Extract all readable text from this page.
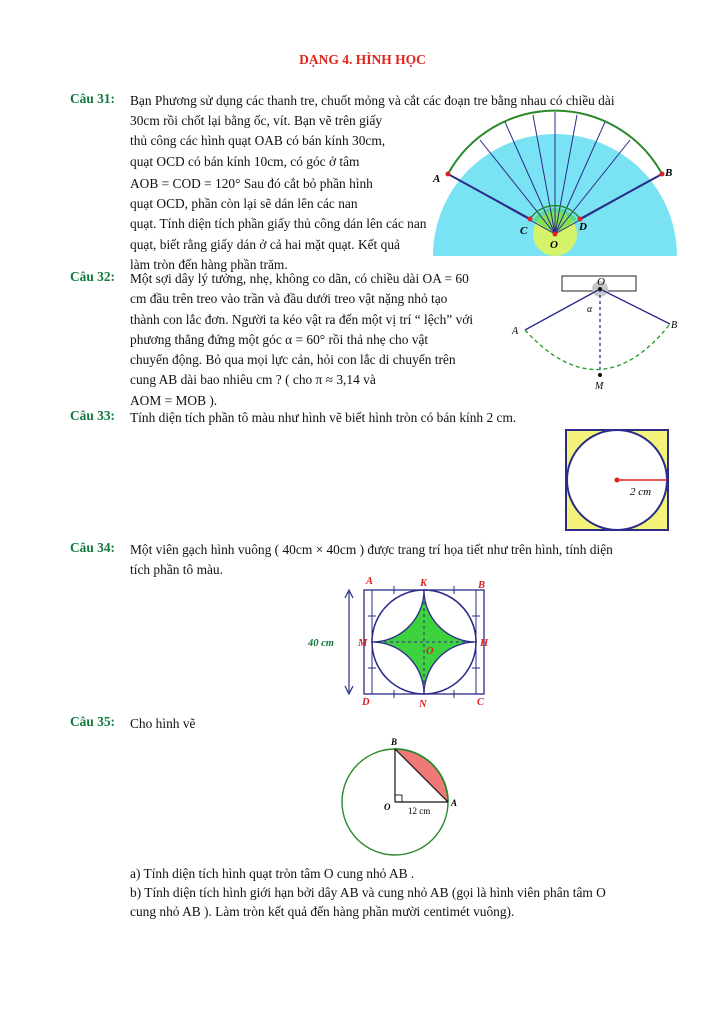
DẠNG 4. HÌNH HỌC
Câu 31: Bạn Phương sử dụng các thanh tre, chuốt mỏng và cắt các đoạn tre bằng nhau có chiều dài
30cm rồi chốt lại bằng ốc, vít. Bạn vẽ trên giấy
thủ công các hình quạt OAB có bán kính 30cm,
quạt OCD có bán kính 10cm, có góc ở tâm
AOB = COD = 120° Sau đó cắt bỏ phần hình
quạt OCD, phần còn lại sẽ dán lên các nan
quạt. Tính diện tích phần giấy thủ công dán lên các nan
quạt, biết rằng giấy dán ở cả hai mặt quạt. Kết quả
làm tròn đến hàng phần trăm.
A	B
C	D
O
Câu 32: Một sợi dây lý tưởng, nhẹ, không co dãn, có chiều dài OA = 60
cm đầu trên treo vào trần và đầu dưới treo vật nặng nhỏ tạo
thành con lắc đơn. Người ta kéo vật ra đến một vị trí “ lệch” với
phương thẳng đứng một góc α = 60° rồi thả nhẹ cho vật
chuyển động. Bỏ qua mọi lực cản, hỏi con lắc di chuyển trên
cung AB dài bao nhiêu cm ? ( cho π ≈ 3,14 và
AOM = MOB ).
O
A
B
M
α
Câu 33: Tính diện tích phần tô màu như hình vẽ biết hình tròn có bán kính 2 cm.
2 cm
Câu 34: Một viên gạch hình vuông ( 40cm × 40cm ) được trang trí họa tiết như trên hình, tính diện
tích phần tô màu.
A	K	B
M
O
H
D	N	C
40 cm
Câu 35: Cho hình vẽ
B
O	A
12 cm
a) Tính diện tích hình quạt tròn tâm O cung nhỏ AB .
b) Tính diện tích hình giới hạn bởi dây AB và cung nhỏ AB (gọi là hình viên phân tâm O
cung nhỏ AB ). Làm tròn kết quả đến hàng phần mười centimét vuông).
